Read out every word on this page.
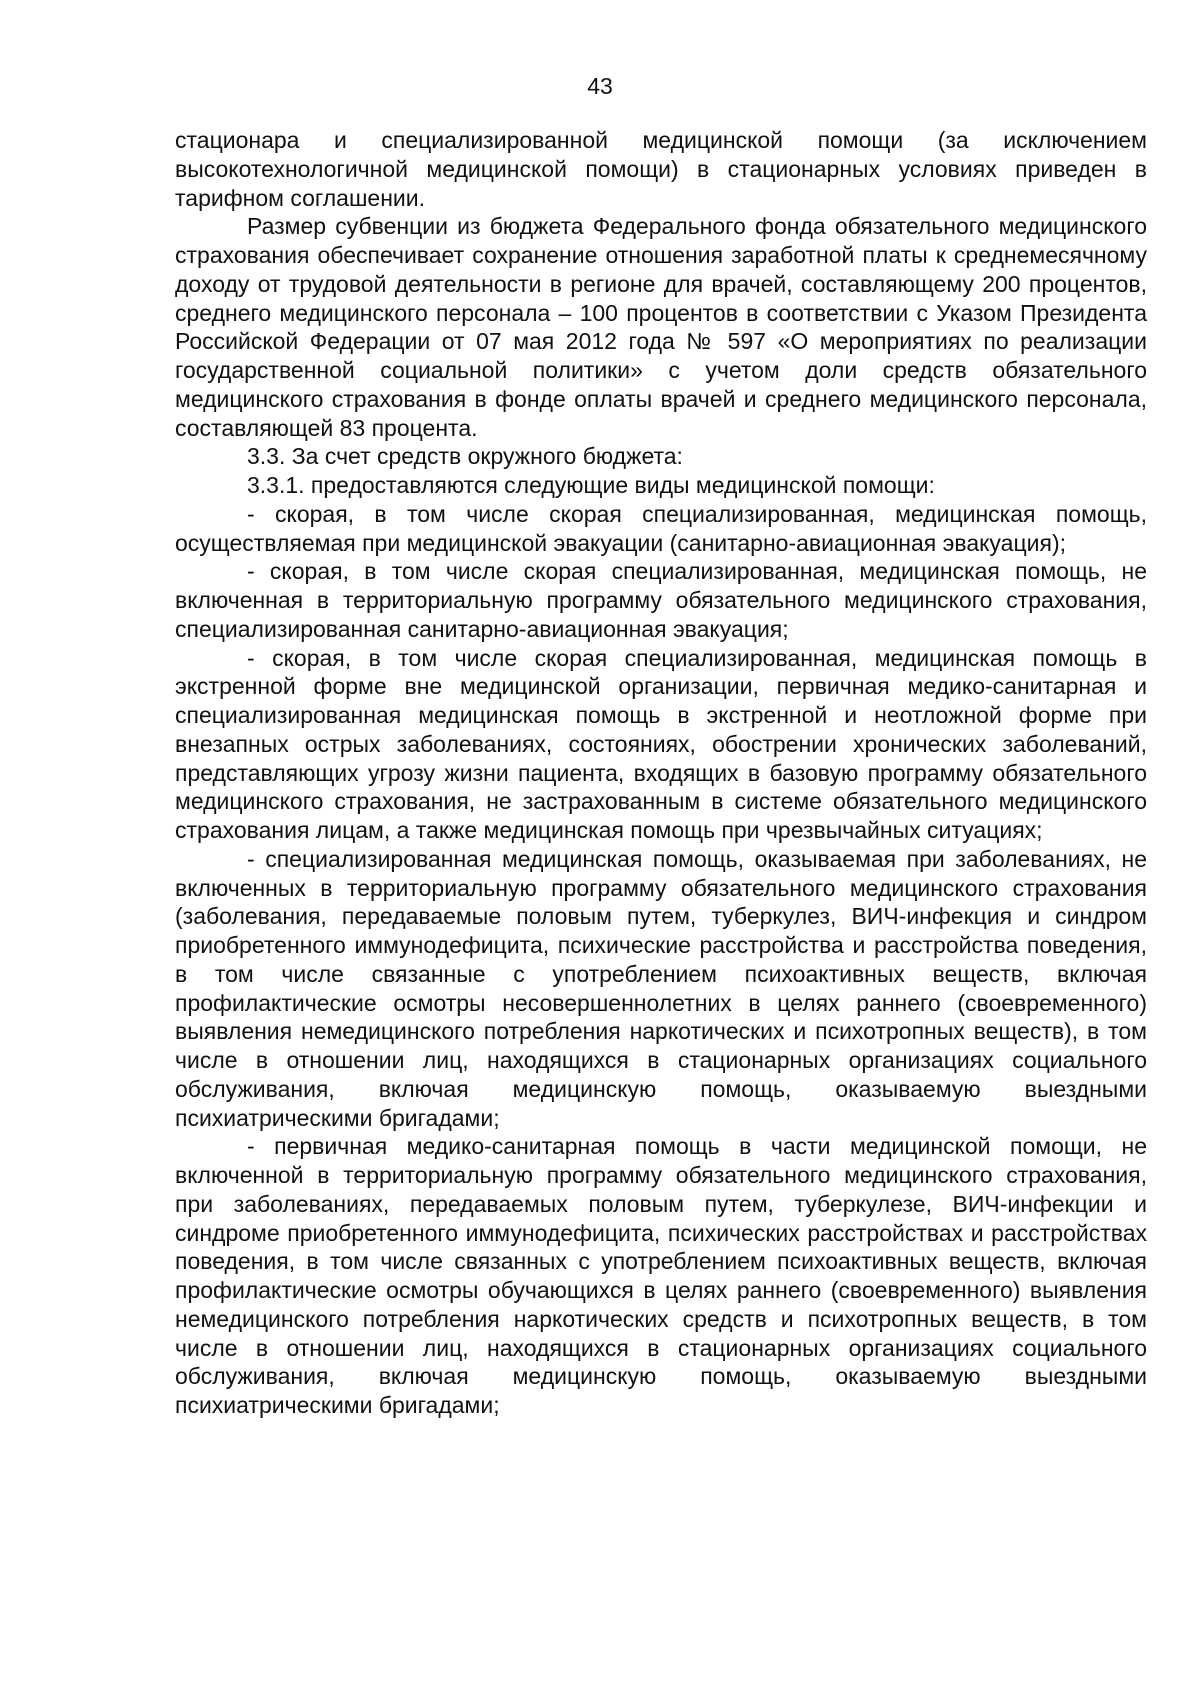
43

стационара и специализированной медицинской помощи (за исключением высокотехнологичной медицинской помощи) в стационарных условиях приведен в тарифном соглашении.

Размер субвенции из бюджета Федерального фонда обязательного медицинского страхования обеспечивает сохранение отношения заработной платы к среднемесячному доходу от трудовой деятельности в регионе для врачей, составляющему 200 процентов, среднего медицинского персонала – 100 процентов в соответствии с Указом Президента Российской Федерации от 07 мая 2012 года № 597 «О мероприятиях по реализации государственной социальной политики» с учетом доли средств обязательного медицинского страхования в фонде оплаты врачей и среднего медицинского персонала, составляющей 83 процента.

3.3. За счет средств окружного бюджета:

3.3.1. предоставляются следующие виды медицинской помощи:

- скорая, в том числе скорая специализированная, медицинская помощь, осуществляемая при медицинской эвакуации (санитарно-авиационная эвакуация);

- скорая, в том числе скорая специализированная, медицинская помощь, не включенная в территориальную программу обязательного медицинского страхования, специализированная санитарно-авиационная эвакуация;

- скорая, в том числе скорая специализированная, медицинская помощь в экстренной форме вне медицинской организации, первичная медико-санитарная и специализированная медицинская помощь в экстренной и неотложной форме при внезапных острых заболеваниях, состояниях, обострении хронических заболеваний, представляющих угрозу жизни пациента, входящих в базовую программу обязательного медицинского страхования, не застрахованным в системе обязательного медицинского страхования лицам, а также медицинская помощь при чрезвычайных ситуациях;

- специализированная медицинская помощь, оказываемая при заболеваниях, не включенных в территориальную программу обязательного медицинского страхования (заболевания, передаваемые половым путем, туберкулез, ВИЧ-инфекция и синдром приобретенного иммунодефицита, психические расстройства и расстройства поведения, в том числе связанные с употреблением психоактивных веществ, включая профилактические осмотры несовершеннолетних в целях раннего (своевременного) выявления немедицинского потребления наркотических и психотропных веществ), в том числе в отношении лиц, находящихся в стационарных организациях социального обслуживания, включая медицинскую помощь, оказываемую выездными психиатрическими бригадами;

- первичная медико-санитарная помощь в части медицинской помощи, не включенной в территориальную программу обязательного медицинского страхования, при заболеваниях, передаваемых половым путем, туберкулезе, ВИЧ-инфекции и синдроме приобретенного иммунодефицита, психических расстройствах и расстройствах поведения, в том числе связанных с употреблением психоактивных веществ, включая профилактические осмотры обучающихся в целях раннего (своевременного) выявления немедицинского потребления наркотических средств и психотропных веществ, в том числе в отношении лиц, находящихся в стационарных организациях социального обслуживания, включая медицинскую помощь, оказываемую выездными психиатрическими бригадами;
